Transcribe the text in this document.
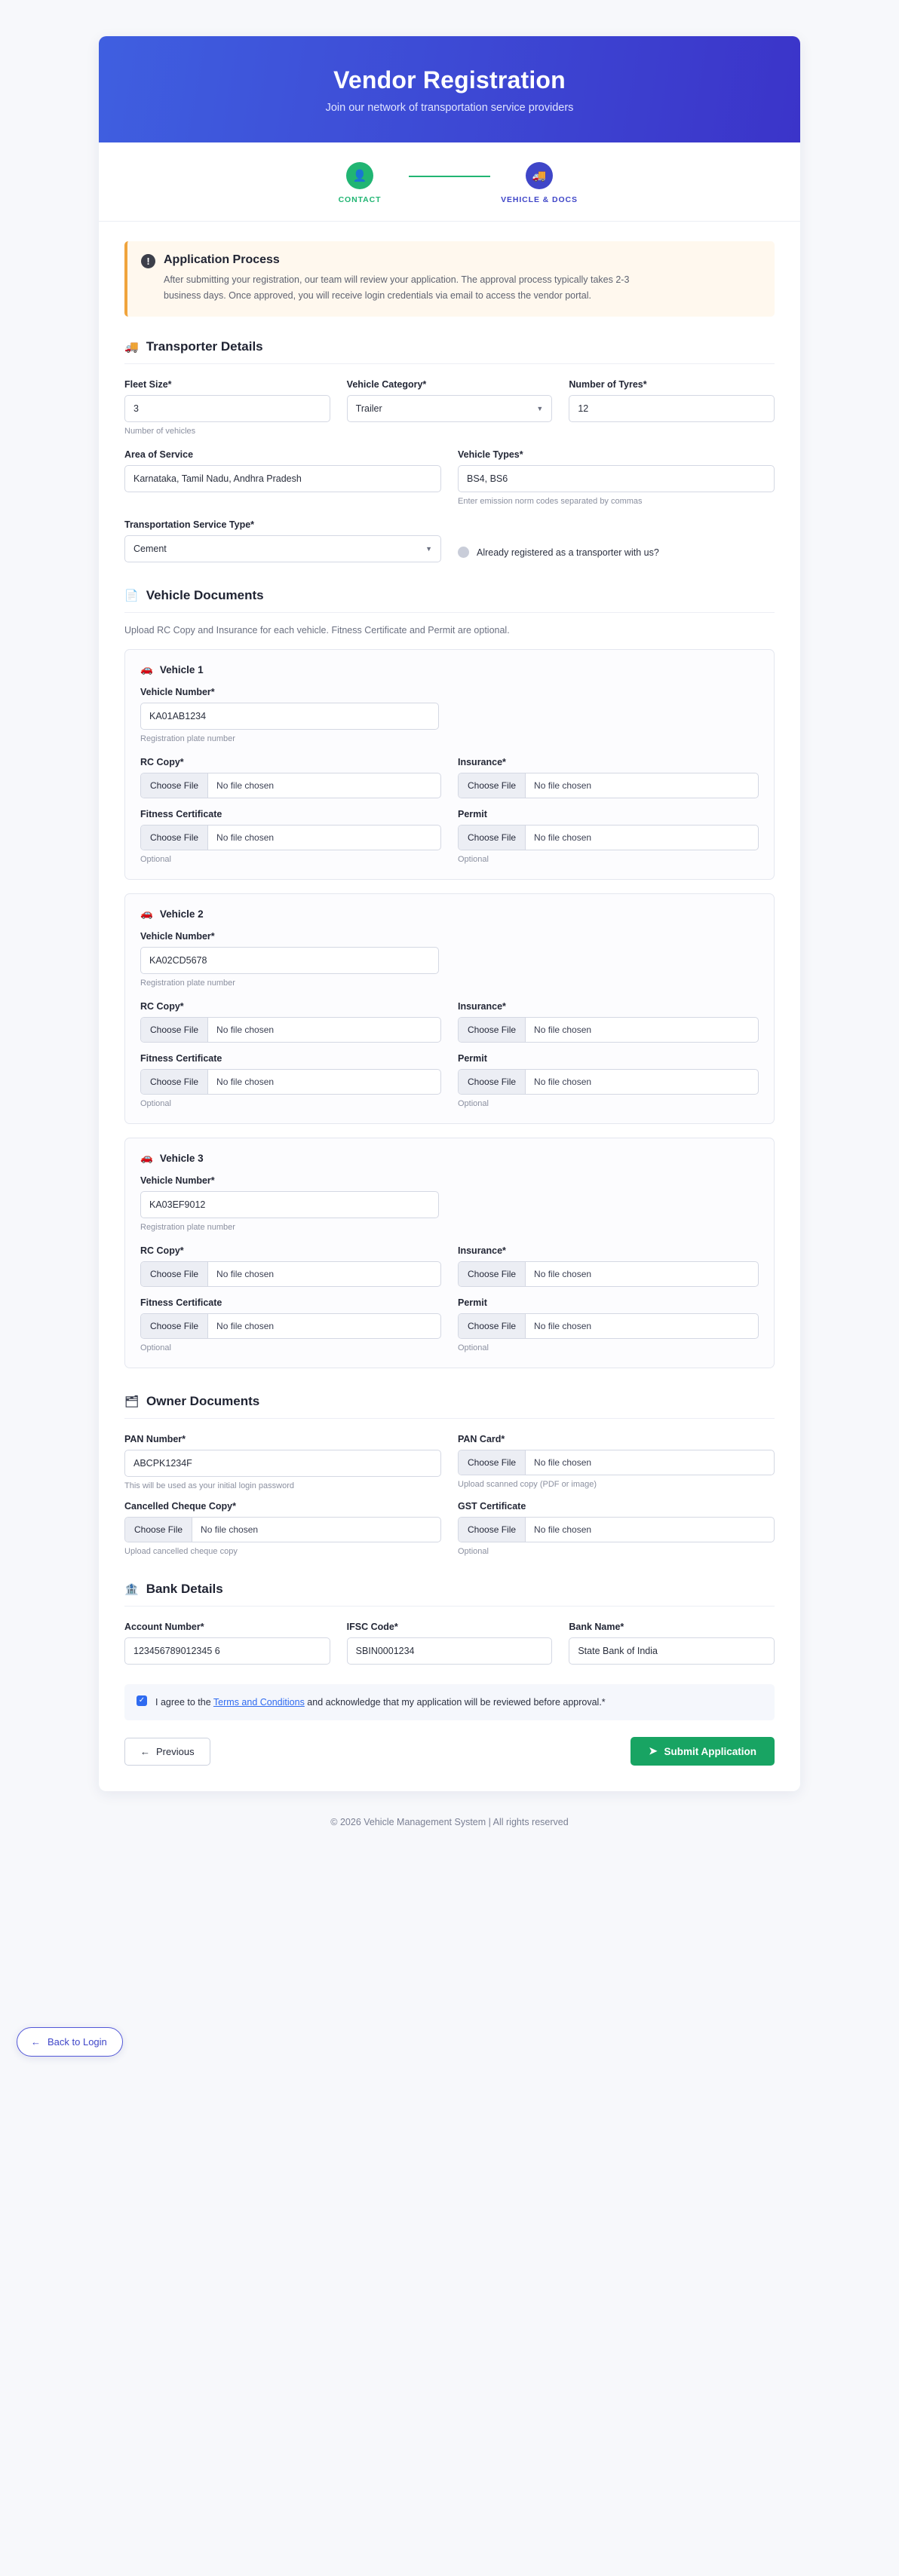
Vendor Registration

Join our network of transportation service providers

👤
CONTACT
🚚
VEHICLE & DOCS
!	Application Process

After submitting your registration, our team will review your application. The approval process typically takes 2-3 business days. Once approved, you will receive login credentials via email to access the vendor portal.

🚚 Transporter Details
Fleet Size*
3
Number of vehicles
Vehicle Category*
Trailer	▼
Number of Tyres*
12
Area of Service
Karnataka, Tamil Nadu, Andhra Pradesh
Vehicle Types*
BS4, BS6
Enter emission norm codes separated by commas
Transportation Service Type*
Cement	▼	Already registered as a transporter with us?
📄 Vehicle Documents
Upload RC Copy and Insurance for each vehicle. Fitness Certificate and Permit are optional.
🚗 Vehicle 1
Vehicle Number*
KA01AB1234
Registration plate number
RC Copy*
Choose File	No file chosen
Insurance*
Choose File	No file chosen
Fitness Certificate
Choose File	No file chosen
Optional
Permit
Choose File	No file chosen
Optional
🚗 Vehicle 2
Vehicle Number*
KA02CD5678
Registration plate number
RC Copy*
Choose File	No file chosen
Insurance*
Choose File	No file chosen
Fitness Certificate
Choose File	No file chosen
Optional
Permit
Choose File	No file chosen
Optional
🚗 Vehicle 3
Vehicle Number*
KA03EF9012
Registration plate number
RC Copy*
Choose File	No file chosen
Insurance*
Choose File	No file chosen
Fitness Certificate
Choose File	No file chosen
Optional
Permit
Choose File	No file chosen
Optional
🗂 Owner Documents
PAN Number*
ABCPK1234F
This will be used as your initial login password
PAN Card*
Choose File	No file chosen
Upload scanned copy (PDF or image)
Cancelled Cheque Copy*
Choose File	No file chosen
Upload cancelled cheque copy
GST Certificate
Choose File	No file chosen
Optional
🏦 Bank Details
Account Number*
123456789012345 6
IFSC Code*
SBIN0001234
Bank Name*
State Bank of India
✓ I agree to the Terms and Conditions and acknowledge that my application will be reviewed before approval.*
← Previous	➤ Submit Application
© 2026 Vehicle Management System | All rights reserved
← Back to Login
